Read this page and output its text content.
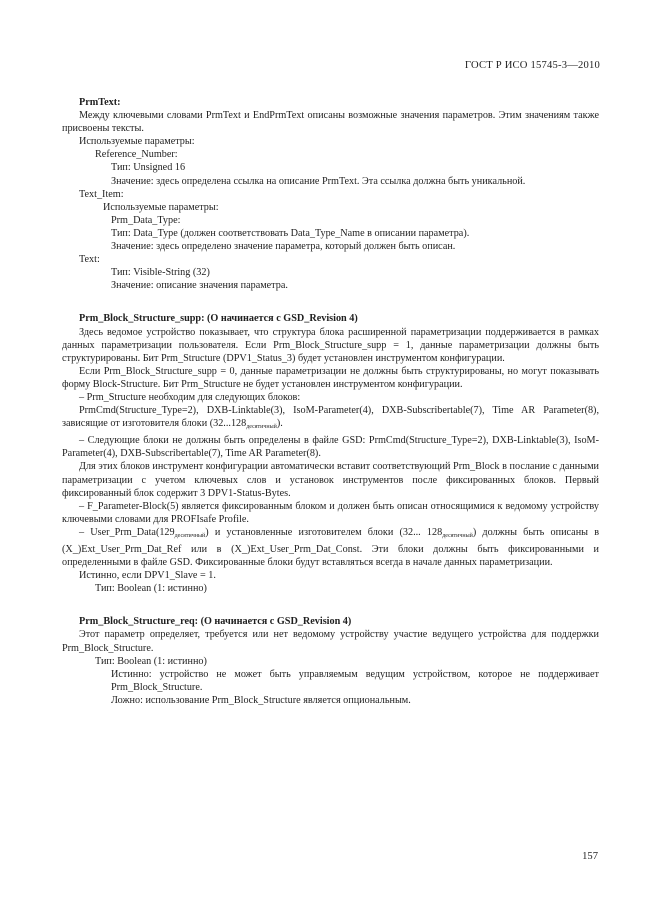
ГОСТ Р ИСО 15745-3—2010

PrmText:

Между ключевыми словами PrmText и EndPrmText описаны возможные значения параметров. Этим значениям также присвоены тексты.

Используемые параметры:

Reference_Number:

Тип: Unsigned 16

Значение: здесь определена ссылка на описание PrmText. Эта ссылка должна быть уникальной.

Text_Item:

Используемые параметры:

Prm_Data_Type:

Тип: Data_Type (должен соответствовать Data_Type_Name в описании параметра).

Значение: здесь определено значение параметра, который должен быть описан.

Text:

Тип: Visible-String (32)

Значение: описание значения параметра.

Prm_Block_Structure_supp: (О начинается с GSD_Revision 4)

Здесь ведомое устройство показывает, что структура блока расширенной параметризации поддерживается в рамках данных параметризации пользователя. Если Prm_Block_Structure_supp = 1, данные параметризации должны быть структурированы. Бит Prm_Structure (DPV1_Status_3) будет установлен инструментом конфигурации.

Если Prm_Block_Structure_supp = 0, данные параметризации не должны быть структурированы, но могут показывать форму Block-Structure. Бит Prm_Structure не будет установлен инструментом конфигурации.

– Prm_Structure необходим для следующих блоков:

PrmCmd(Structure_Type=2), DXB-Linktable(3), IsoM-Parameter(4), DXB-Subscribertable(7), Time AR Parameter(8), зависящие от изготовителя блоки $(32...128_{десятичный})$.

– Следующие блоки не должны быть определены в файле GSD: PrmCmd(Structure_Type=2), DXB-Linktable(3), IsoM-Parameter(4), DXB-Subscribertable(7), Time AR Parameter(8).

Для этих блоков инструмент конфигурации автоматически вставит соответствующий Prm_Block в послание с данными параметризации с учетом ключевых слов и установок инструментов после фиксированных блоков. Первый фиксированный блок содержит 3 DPV1-Status-Bytes.

– F_Parameter-Block(5) является фиксированным блоком и должен быть описан относящимися к ведомому устройству ключевыми словами для PROFIsafe Profile.

– $User\_Prm\_Data(129_{десятичный})$ и установленные изготовителем блоки (32... $128_{десятичный}$) должны быть описаны в (X_)Ext_User_Prm_Dat_Ref или в (X_)Ext_User_Prm_Dat_Const. Эти блоки должны быть фиксированными и определенными в файле GSD. Фиксированные блоки будут вставляться всегда в начале данных параметризации.

Истинно, если DPV1_Slave = 1.

Тип: Boolean (1: истинно)

Prm_Block_Structure_req: (О начинается с GSD_Revision 4)

Этот параметр определяет, требуется или нет ведомому устройству участие ведущего устройства для поддержки Prm_Block_Structure.

Тип: Boolean (1: истинно)

Истинно: устройство не может быть управляемым ведущим устройством, которое не поддерживает Prm_Block_Structure.

Ложно: использование Prm_Block_Structure является опциональным.

157
